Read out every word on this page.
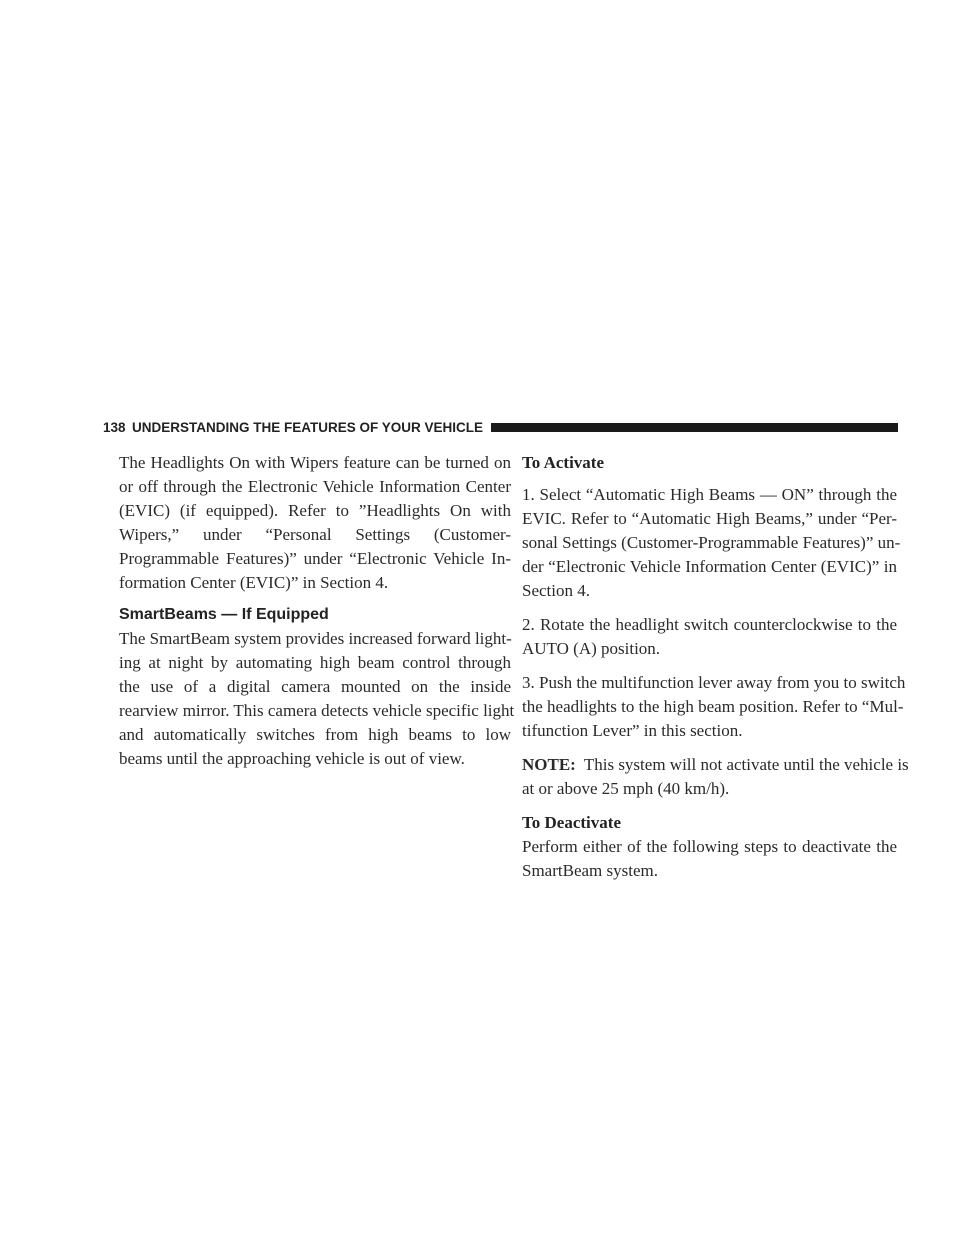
138 UNDERSTANDING THE FEATURES OF YOUR VEHICLE

The Headlights On with Wipers feature can be turned on
or off through the Electronic Vehicle Information Center
(EVIC) (if equipped). Refer to ”Headlights On with
Wipers,” under “Personal Settings (Customer-
Programmable Features)” under “Electronic Vehicle In-
formation Center (EVIC)” in Section 4.

SmartBeams — If Equipped

The SmartBeam system provides increased forward light-
ing at night by automating high beam control through
the use of a digital camera mounted on the inside
rearview mirror. This camera detects vehicle specific light
and automatically switches from high beams to low
beams until the approaching vehicle is out of view.

To Activate

1. Select “Automatic High Beams — ON” through the
EVIC. Refer to “Automatic High Beams,” under “Per-
sonal Settings (Customer-Programmable Features)” un-
der “Electronic Vehicle Information Center (EVIC)” in
Section 4.

2. Rotate the headlight switch counterclockwise to the
AUTO (A) position.

3. Push the multifunction lever away from you to switch
the headlights to the high beam position. Refer to “Mul-
tifunction Lever” in this section.

NOTE: This system will not activate until the vehicle is
at or above 25 mph (40 km/h).

To Deactivate

Perform either of the following steps to deactivate the
SmartBeam system.
